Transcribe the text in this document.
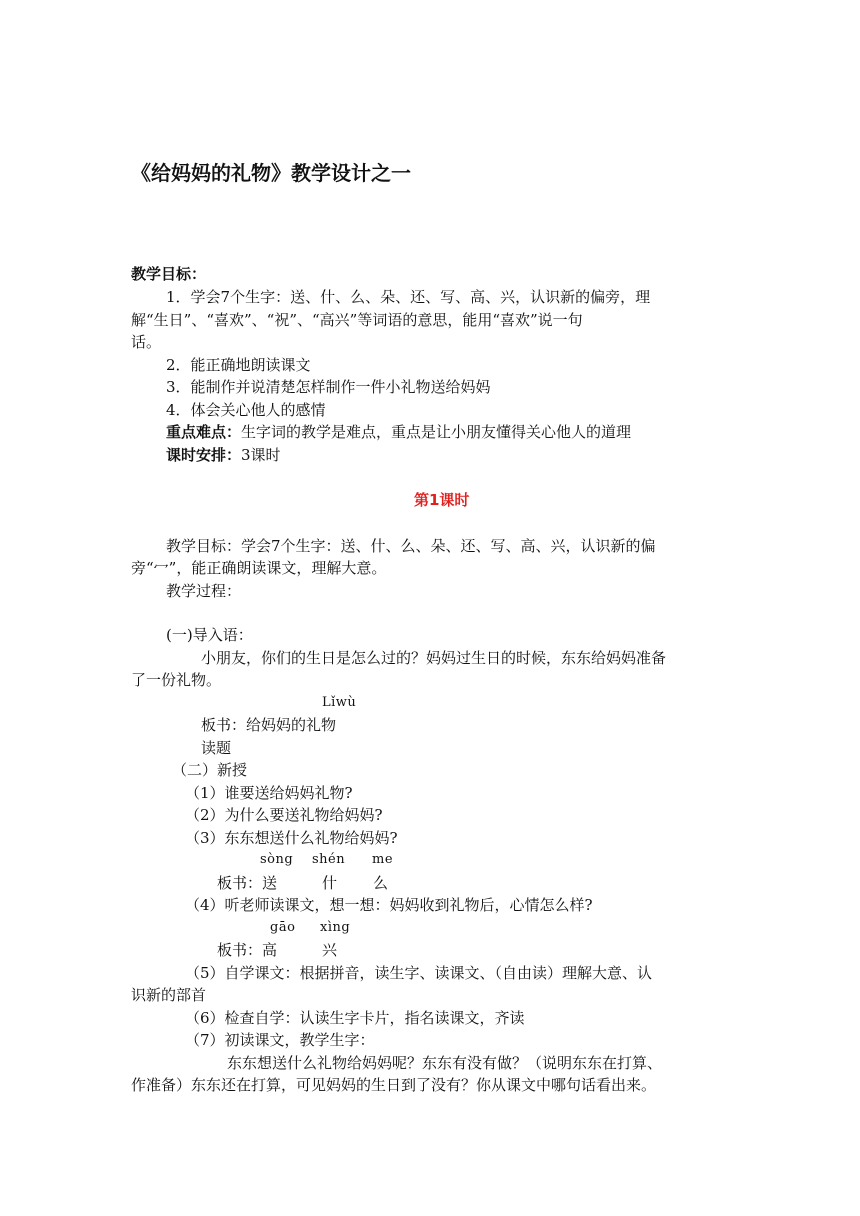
《给妈妈的礼物》教学设计之一
教学目标：
1．学会7个生字：送、什、么、朵、还、写、高、兴，认识新的偏旁，理
解“生日”、“喜欢”、“祝”、“高兴”等词语的意思，能用“喜欢”说一句
话。
2．能正确地朗读课文
3．能制作并说清楚怎样制作一件小礼物送给妈妈
4．体会关心他人的感情
重点难点：生字词的教学是难点，重点是让小朋友懂得关心他人的道理
课时安排：3课时
第1课时
教学目标：学会7个生字：送、什、么、朵、还、写、高、兴，认识新的偏
旁“冖”，能正确朗读课文，理解大意。
教学过程：
(一)导入语：
小朋友，你们的生日是怎么过的？妈妈过生日的时候，东东给妈妈准备
了一份礼物。
Lǐwù
板书：给妈妈的礼物
读题
（二）新授
（1）谁要送给妈妈礼物?
（2）为什么要送礼物给妈妈?
（3）东东想送什么礼物给妈妈?
sòng shén me
板书：送	什 么
（4）听老师读课文，想一想：妈妈收到礼物后，心情怎么样?
gāo xìng
板书：高	兴
（5）自学课文：根据拼音，读生字、读课文、（自由读）理解大意、认
识新的部首
（6）检查自学：认读生字卡片，指名读课文，齐读
（7）初读课文，教学生字：
东东想送什么礼物给妈妈呢？东东有没有做？（说明东东在打算、
作准备）东东还在打算，可见妈妈的生日到了没有？你从课文中哪句话看出来。
